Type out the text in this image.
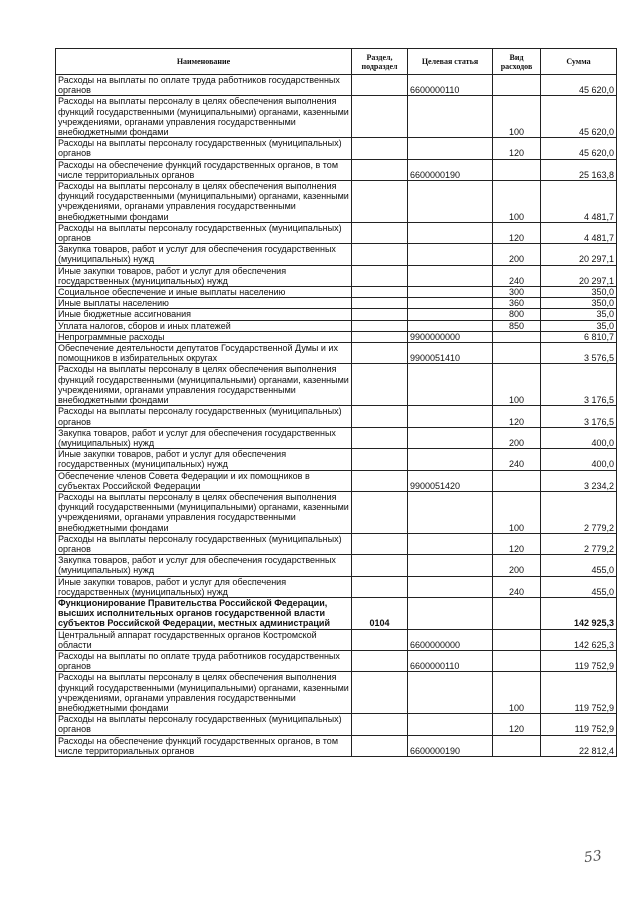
Наименование	Раздел, подраздел	Целевая статья	Вид расходов	Сумма
Расходы на выплаты по оплате труда работников государственных органов		6600000110		45 620,0
Расходы на выплаты персоналу в целях обеспечения выполнения функций государственными (муниципальными) органами, казенными учреждениями, органами управления государственными внебюджетными фондами			100	45 620,0
Расходы на выплаты персоналу государственных (муниципальных) органов			120	45 620,0
Расходы на обеспечение функций государственных органов, в том числе территориальных органов		6600000190		25 163,8
Расходы на выплаты персоналу в целях обеспечения выполнения функций государственными (муниципальными) органами, казенными учреждениями, органами управления государственными внебюджетными фондами			100	4 481,7
Расходы на выплаты персоналу государственных (муниципальных) органов			120	4 481,7
Закупка товаров, работ и услуг для обеспечения государственных (муниципальных) нужд			200	20 297,1
Иные закупки товаров, работ и услуг для обеспечения государственных (муниципальных) нужд			240	20 297,1
Социальное обеспечение и иные выплаты населению			300	350,0
Иные выплаты населению			360	350,0
Иные бюджетные ассигнования			800	35,0
Уплата налогов, сборов и иных платежей			850	35,0
Непрограммные расходы		9900000000		6 810,7
Обеспечение деятельности депутатов Государственной Думы и их помощников в избирательных округах		9900051410		3 576,5
Расходы на выплаты персоналу в целях обеспечения выполнения функций государственными (муниципальными) органами, казенными учреждениями, органами управления государственными внебюджетными фондами			100	3 176,5
Расходы на выплаты персоналу государственных (муниципальных) органов			120	3 176,5
Закупка товаров, работ и услуг для обеспечения государственных (муниципальных) нужд			200	400,0
Иные закупки товаров, работ и услуг для обеспечения государственных (муниципальных) нужд			240	400,0
Обеспечение членов Совета Федерации и их помощников в субъектах Российской Федерации		9900051420		3 234,2
Расходы на выплаты персоналу в целях обеспечения выполнения функций государственными (муниципальными) органами, казенными учреждениями, органами управления государственными внебюджетными фондами			100	2 779,2
Расходы на выплаты персоналу государственных (муниципальных) органов			120	2 779,2
Закупка товаров, работ и услуг для обеспечения государственных (муниципальных) нужд			200	455,0
Иные закупки товаров, работ и услуг для обеспечения государственных (муниципальных) нужд			240	455,0
Функционирование Правительства Российской Федерации, высших исполнительных органов государственной власти субъектов Российской Федерации, местных администраций	0104			142 925,3
Центральный аппарат государственных органов Костромской области		6600000000		142 625,3
Расходы на выплаты по оплате труда работников государственных органов		6600000110		119 752,9
Расходы на выплаты персоналу в целях обеспечения выполнения функций государственными (муниципальными) органами, казенными учреждениями, органами управления государственными внебюджетными фондами			100	119 752,9
Расходы на выплаты персоналу государственных (муниципальных) органов			120	119 752,9
Расходы на обеспечение функций государственных органов, в том числе территориальных органов		6600000190		22 812,4
53
